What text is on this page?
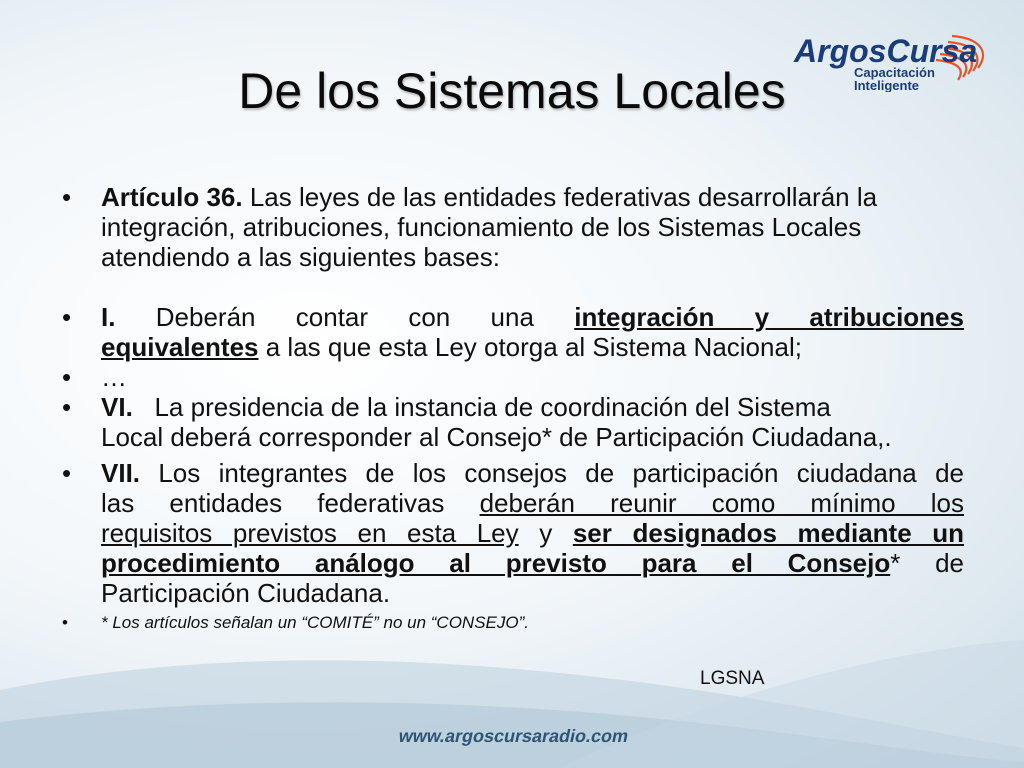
ArgosCursa
Capacitación
Inteligente
De los Sistemas Locales
• Artículo 36. Las leyes de las entidades federativas desarrollarán la integración, atribuciones, funcionamiento de los Sistemas Locales atendiendo a las siguientes bases:
• I. Deberán contar con una integración y atribuciones
equivalentes a las que esta Ley otorga al Sistema Nacional;
• …
• VI. La presidencia de la instancia de coordinación del Sistema
Local deberá corresponder al Consejo* de Participación Ciudadana,.
• VII. Los integrantes de los consejos de participación ciudadana de
las entidades federativas deberán reunir como mínimo los
requisitos previstos en esta Ley y ser designados mediante un
procedimiento análogo al previsto para el Consejo* de
Participación Ciudadana.
• * Los artículos señalan un “COMITÉ” no un “CONSEJO”.
LGSNA
www.argoscursaradio.com
